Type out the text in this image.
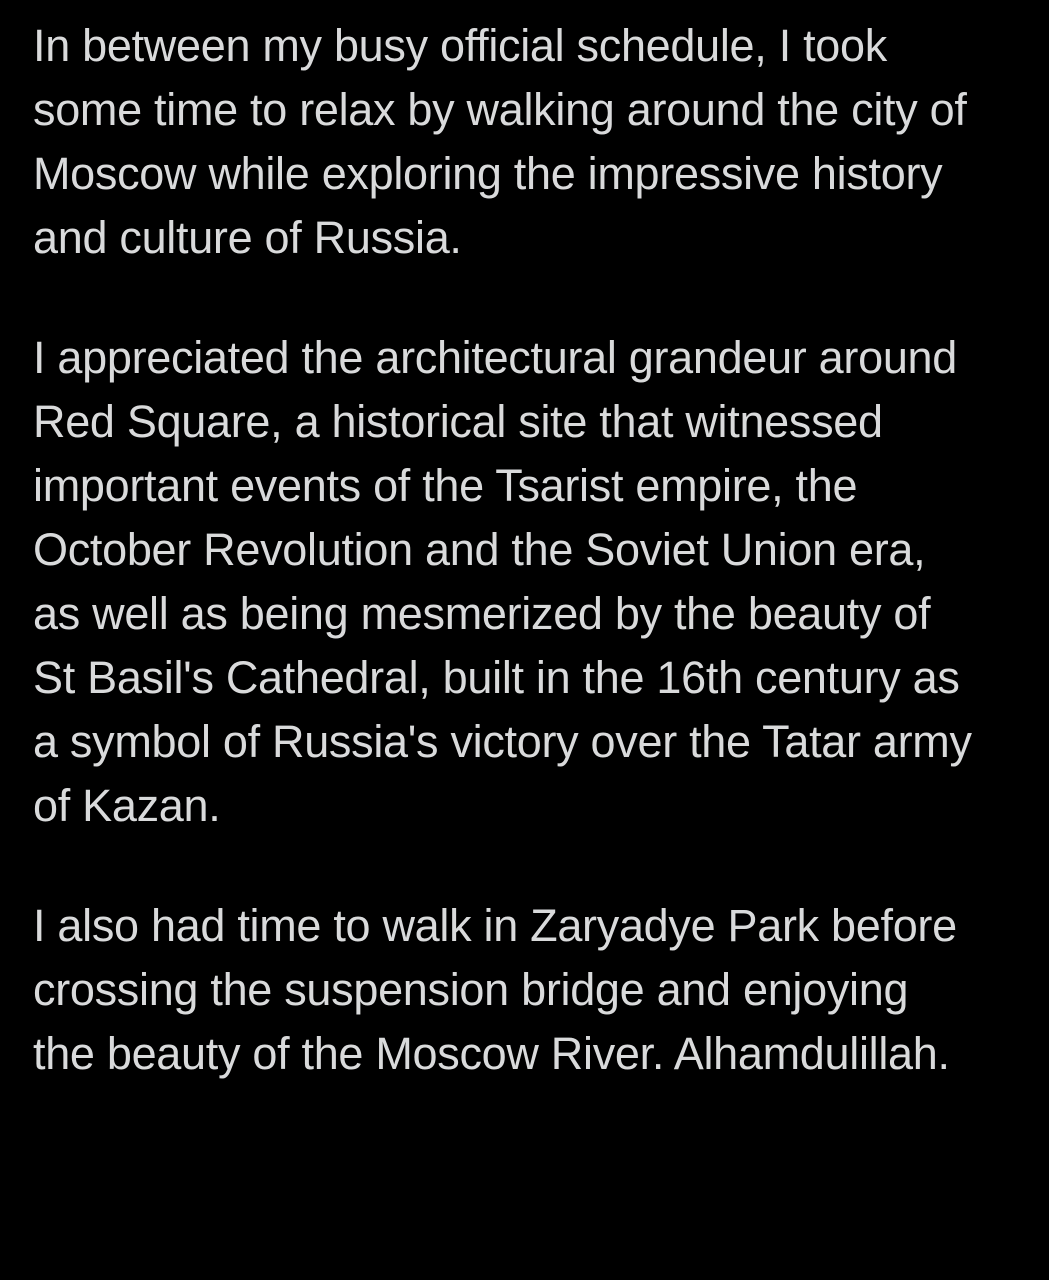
In between my busy official schedule, I took some time to relax by walking around the city of Moscow while exploring the impressive history and culture of Russia.

I appreciated the architectural grandeur around Red Square, a historical site that witnessed important events of the Tsarist empire, the October Revolution and the Soviet Union era, as well as being mesmerized by the beauty of St Basil's Cathedral, built in the 16th century as a symbol of Russia's victory over the Tatar army of Kazan.

I also had time to walk in Zaryadye Park before crossing the suspension bridge and enjoying the beauty of the Moscow River. Alhamdulillah.
